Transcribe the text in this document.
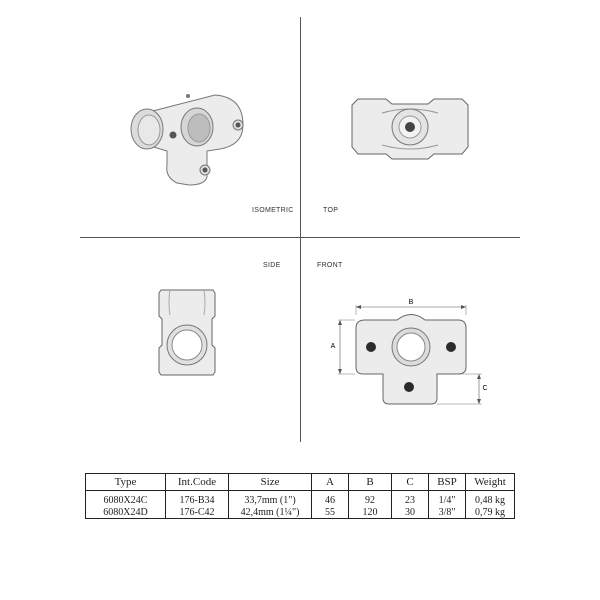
B
A
C
ISOMETRIC	TOP
SIDE	FRONT
Type	Int.Code	Size	A	B	C	BSP	Weight
6080X24C	176-B34	33,7mm (1")	46	92	23	1/4"	0,48 kg
6080X24D	176-C42	42,4mm (1¼")	55	120	30	3/8"	0,79 kg
